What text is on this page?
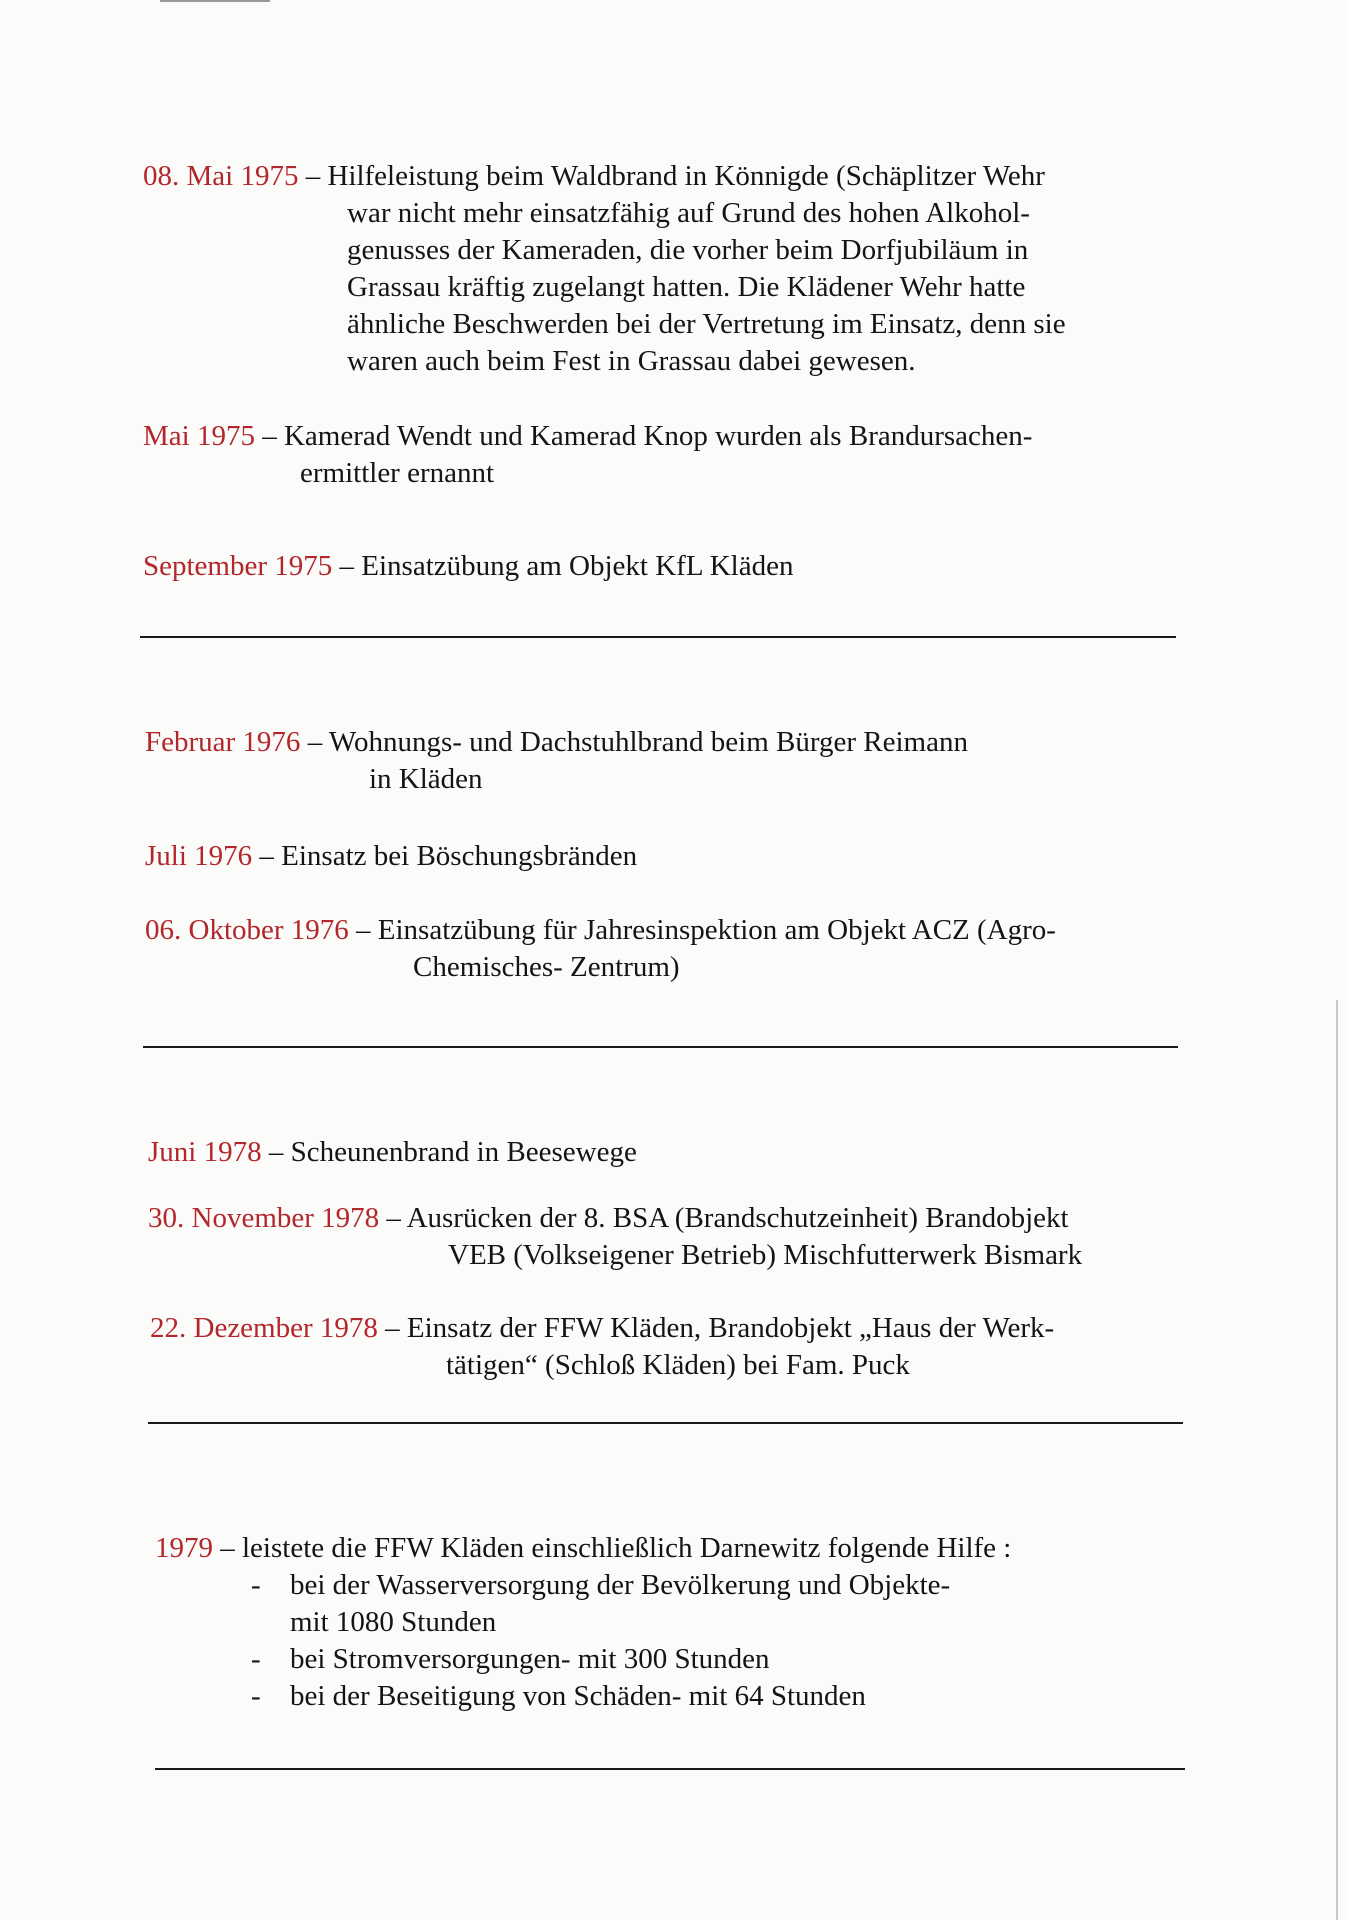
08. Mai 1975 – Hilfeleistung beim Waldbrand in Könnigde (Schäplitzer Wehr
war nicht mehr einsatzfähig auf Grund des hohen Alkohol-
genusses der Kameraden, die vorher beim Dorfjubiläum in
Grassau kräftig zugelangt hatten. Die Klädener Wehr hatte
ähnliche Beschwerden bei der Vertretung im Einsatz, denn sie
waren auch beim Fest in Grassau dabei gewesen.
Mai 1975 – Kamerad Wendt und Kamerad Knop wurden als Brandursachen-
ermittler ernannt
September 1975 – Einsatzübung am Objekt KfL Kläden
Februar 1976 – Wohnungs- und Dachstuhlbrand beim Bürger Reimann
in Kläden
Juli 1976 – Einsatz bei Böschungsbränden
06. Oktober 1976 – Einsatzübung für Jahresinspektion am Objekt ACZ (Agro-
Chemisches- Zentrum)
Juni 1978 – Scheunenbrand in Beesewege
30. November 1978 – Ausrücken der 8. BSA (Brandschutzeinheit) Brandobjekt
VEB (Volkseigener Betrieb) Mischfutterwerk Bismark
22. Dezember 1978 – Einsatz der FFW Kläden, Brandobjekt „Haus der Werk-
tätigen“ (Schloß Kläden) bei Fam. Puck
1979 – leistete die FFW Kläden einschließlich Darnewitz folgende Hilfe :
- bei der Wasserversorgung der Bevölkerung und Objekte-
mit 1080 Stunden
- bei Stromversorgungen- mit 300 Stunden
- bei der Beseitigung von Schäden- mit 64 Stunden
